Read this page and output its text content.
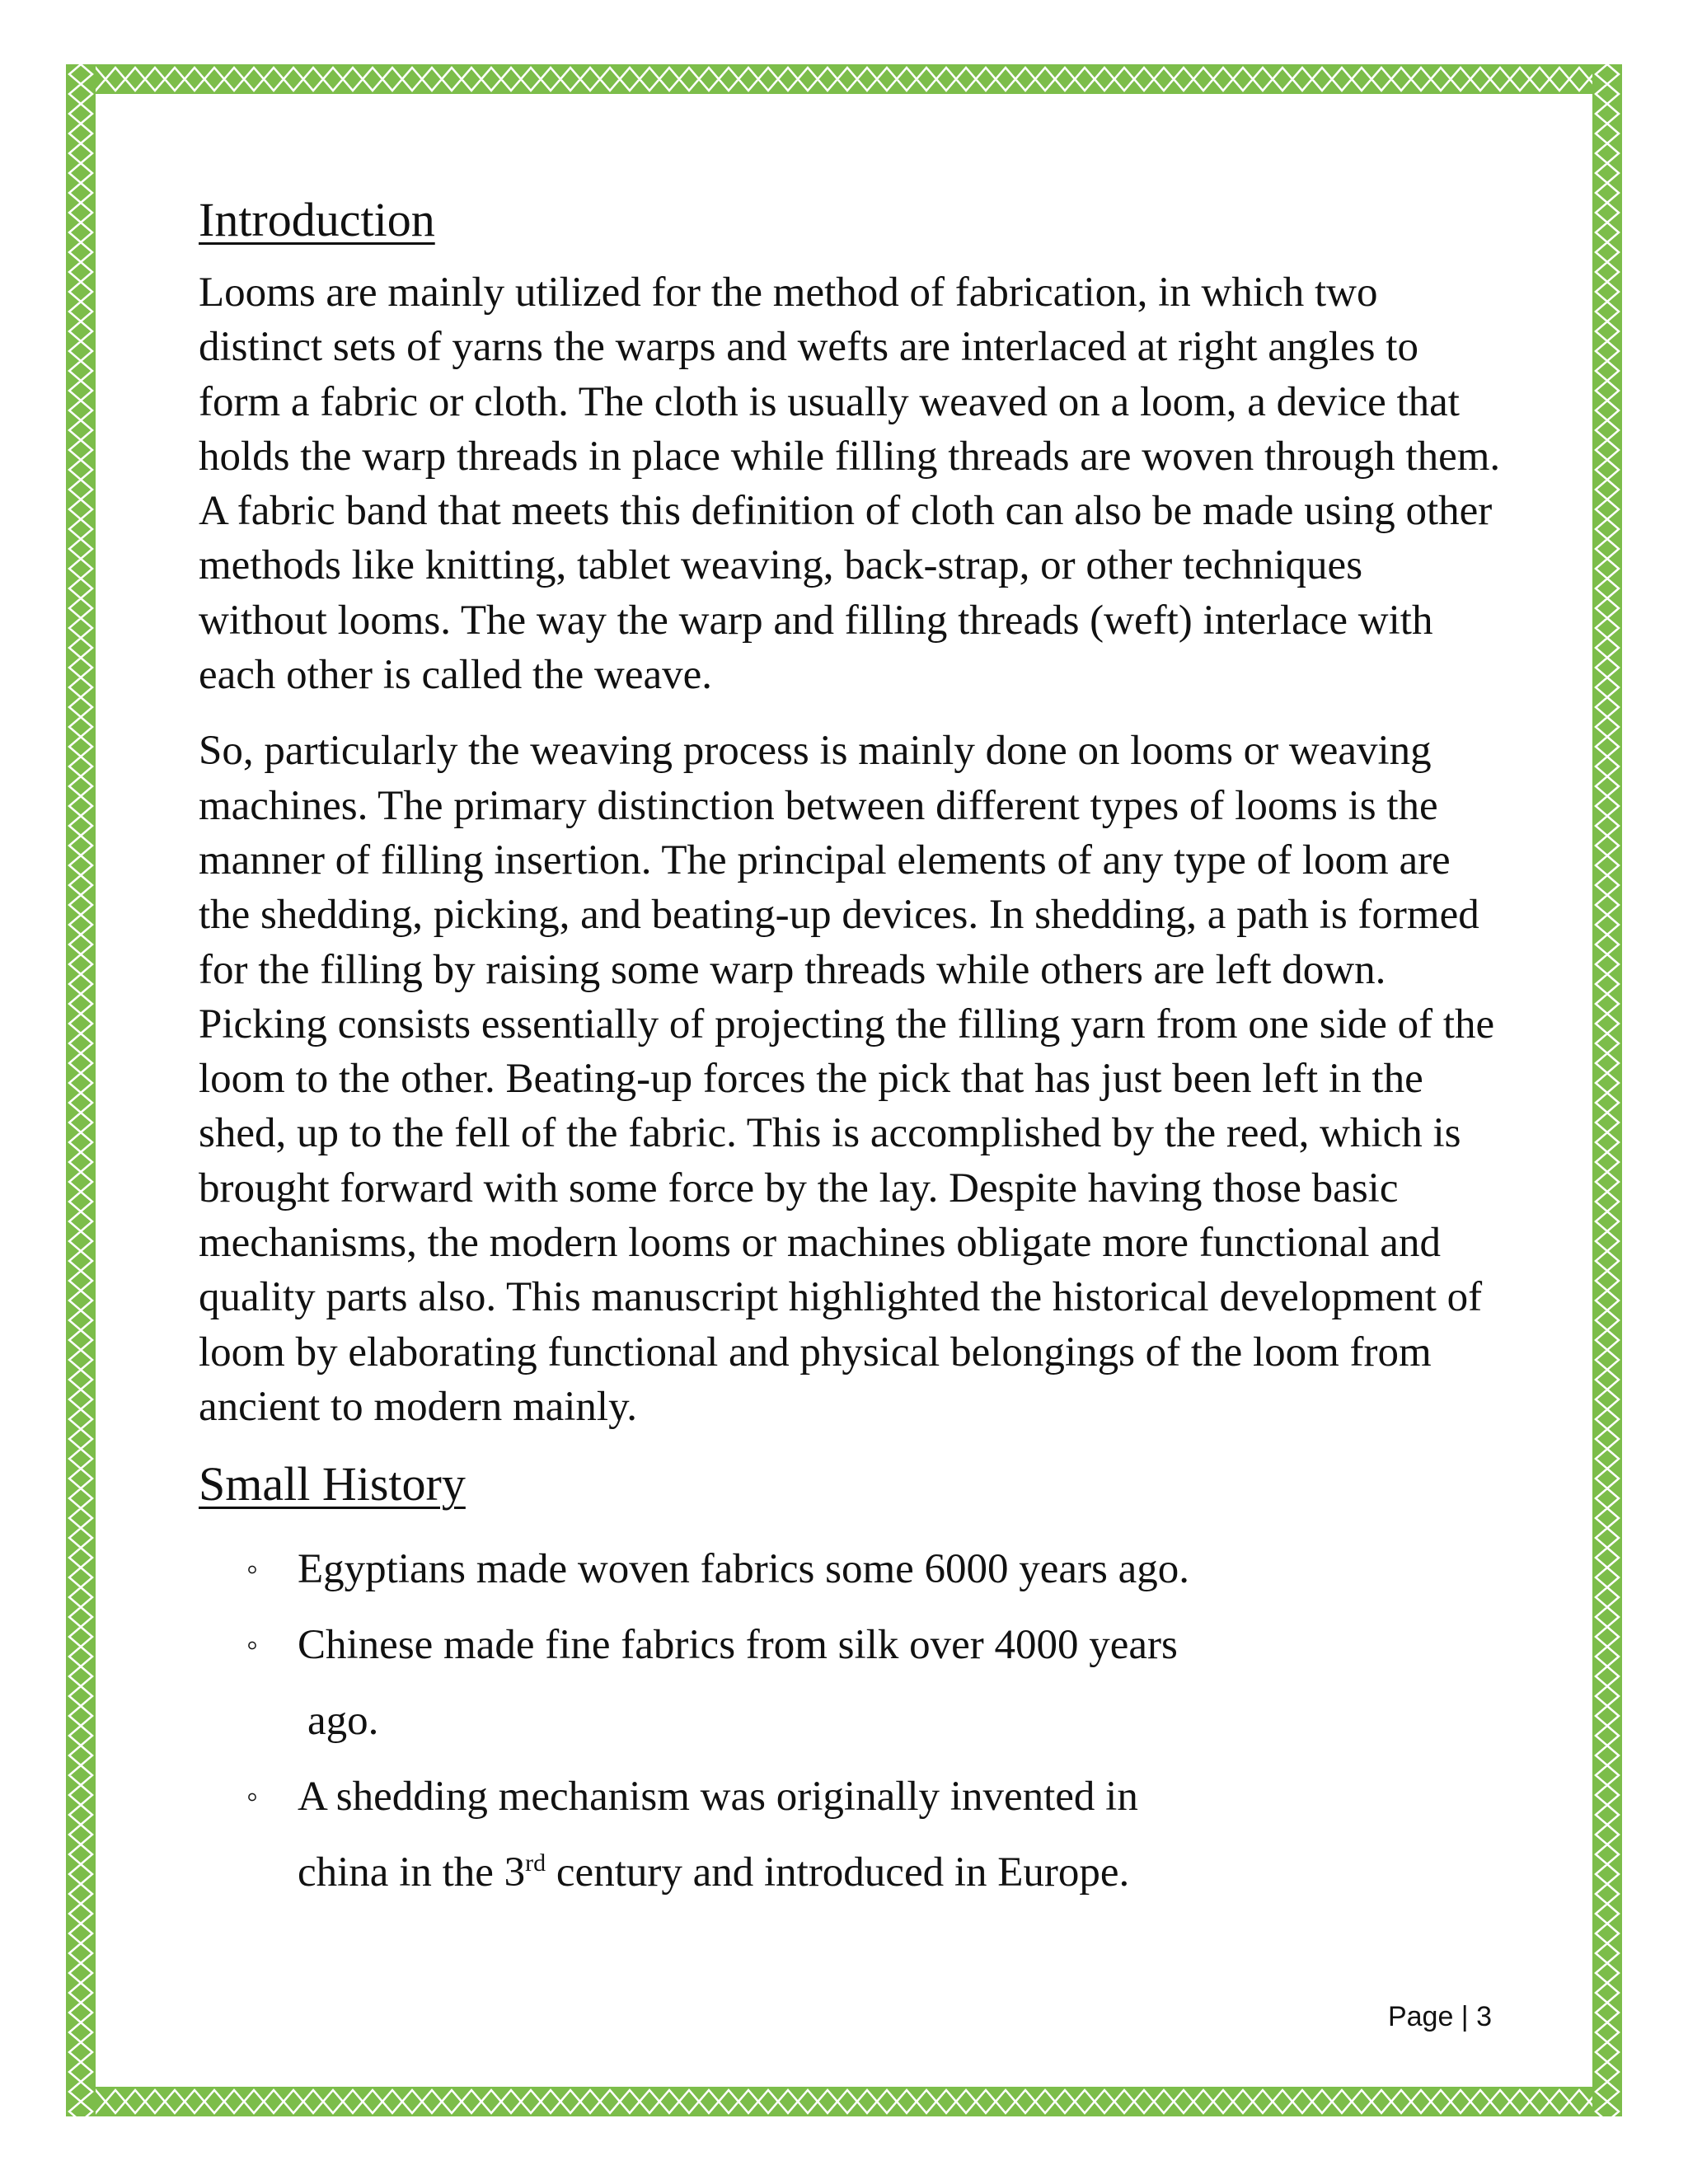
Introduction

Looms are mainly utilized for the method of fabrication, in which two distinct sets of yarns the warps and wefts are interlaced at right angles to form a fabric or cloth. The cloth is usually weaved on a loom, a device that holds the warp threads in place while filling threads are woven through them. A fabric band that meets this definition of cloth can also be made using other methods like knitting, tablet weaving, back-strap, or other techniques without looms. The way the warp and filling threads (weft) interlace with each other is called the weave.

So, particularly the weaving process is mainly done on looms or weaving machines. The primary distinction between different types of looms is the manner of filling insertion. The principal elements of any type of loom are the shedding, picking, and beating-up devices. In shedding, a path is formed for the filling by raising some warp threads while others are left down. Picking consists essentially of projecting the filling yarn from one side of the loom to the other. Beating-up forces the pick that has just been left in the shed, up to the fell of the fabric. This is accomplished by the reed, which is brought forward with some force by the lay. Despite having those basic mechanisms, the modern looms or machines obligate more functional and quality parts also. This manuscript highlighted the historical development of loom by elaborating functional and physical belongings of the loom from ancient to modern mainly.

Small History
◦ Egyptians made woven fabrics some 6000 years ago.
◦ Chinese made fine fabrics from silk over 4000 years
ago.
◦ A shedding mechanism was originally invented in
china in the 3rd century and introduced in Europe.
Page | 3
